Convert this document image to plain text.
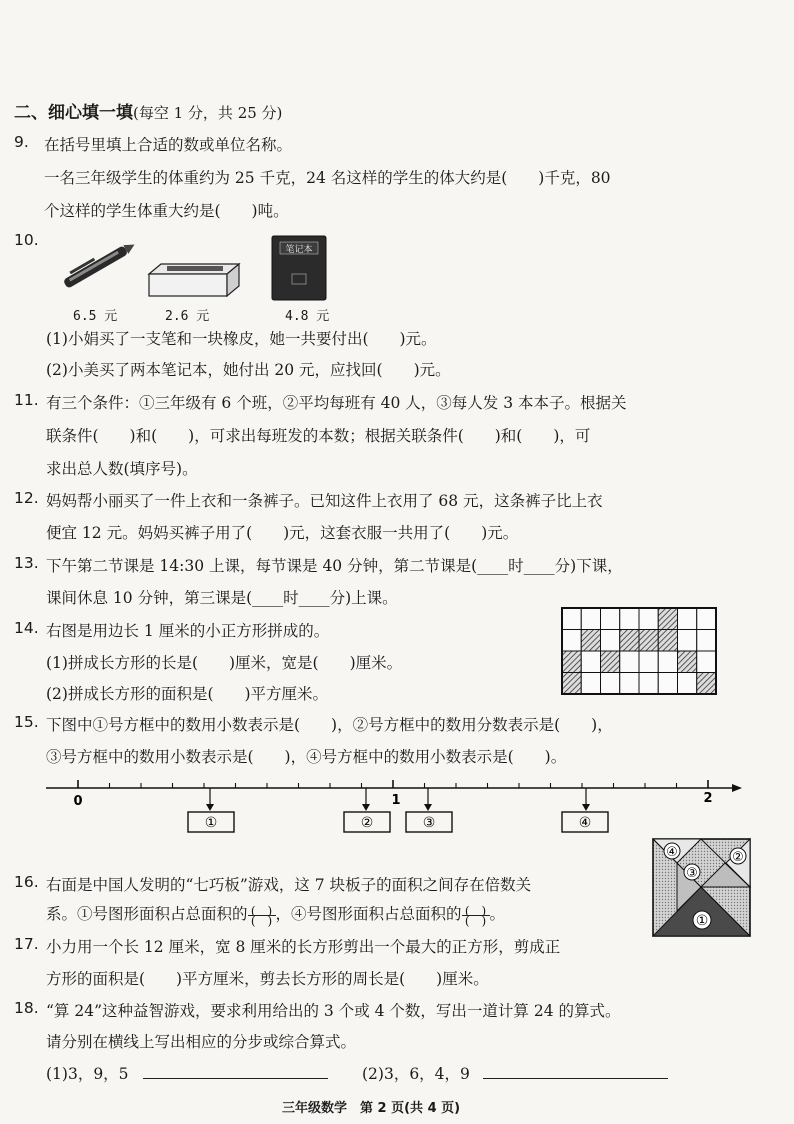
二、细心填一填(每空 1 分，共 25 分)
9. 在括号里填上合适的数或单位名称。
一名三年级学生的体重约为 25 千克，24 名这样的学生的体大约是(　　)千克，80
个这样的学生体重大约是(　　)吨。
10.
笔记本
6.5 元	2.6 元	4.8 元
(1)小娟买了一支笔和一块橡皮，她一共要付出(　　)元。
(2)小美买了两本笔记本，她付出 20 元，应找回(　　)元。
11. 有三个条件：①三年级有 6 个班，②平均每班有 40 人，③每人发 3 本本子。根据关
联条件(　　)和(　　)，可求出每班发的本数；根据关联条件(　　)和(　　)，可
求出总人数(填序号)。
12. 妈妈帮小丽买了一件上衣和一条裤子。已知这件上衣用了 68 元，这条裤子比上衣
便宜 12 元。妈妈买裤子用了(　　)元，这套衣服一共用了(　　)元。
13. 下午第二节课是 14:30 上课，每节课是 40 分钟，第二节课是(____时____分)下课，
课间休息 10 分钟，第三课是(____时____分)上课。
14. 右图是用边长 1 厘米的小正方形拼成的。
(1)拼成长方形的长是(　　)厘米，宽是(　　)厘米。
(2)拼成长方形的面积是(　　)平方厘米。
15. 下图中①号方框中的数用小数表示是(　　)，②号方框中的数用分数表示是(　　)，
③号方框中的数用小数表示是(　　)，④号方框中的数用小数表示是(　　)。
0	1	2
①	②	③	④
16. 右面是中国人发明的“七巧板”游戏，这 7 块板子的面积之间存在倍数关
系。①号图形面积占总面积的 $\frac{( )}{( )}$ ，④号图形面积占总面积的 $\frac{( )}{( )}$ 。
④	②
③
①
17. 小力用一个长 12 厘米，宽 8 厘米的长方形剪出一个最大的正方形，剪成正
方形的面积是(　　)平方厘米，剪去长方形的周长是(　　)厘米。
18. “算 24”这种益智游戏，要求利用给出的 3 个或 4 个数，写出一道计算 24 的算式。
请分别在横线上写出相应的分步或综合算式。
(1)3，9，5	(2)3，6，4，9
三年级数学　第 2 页(共 4 页)
